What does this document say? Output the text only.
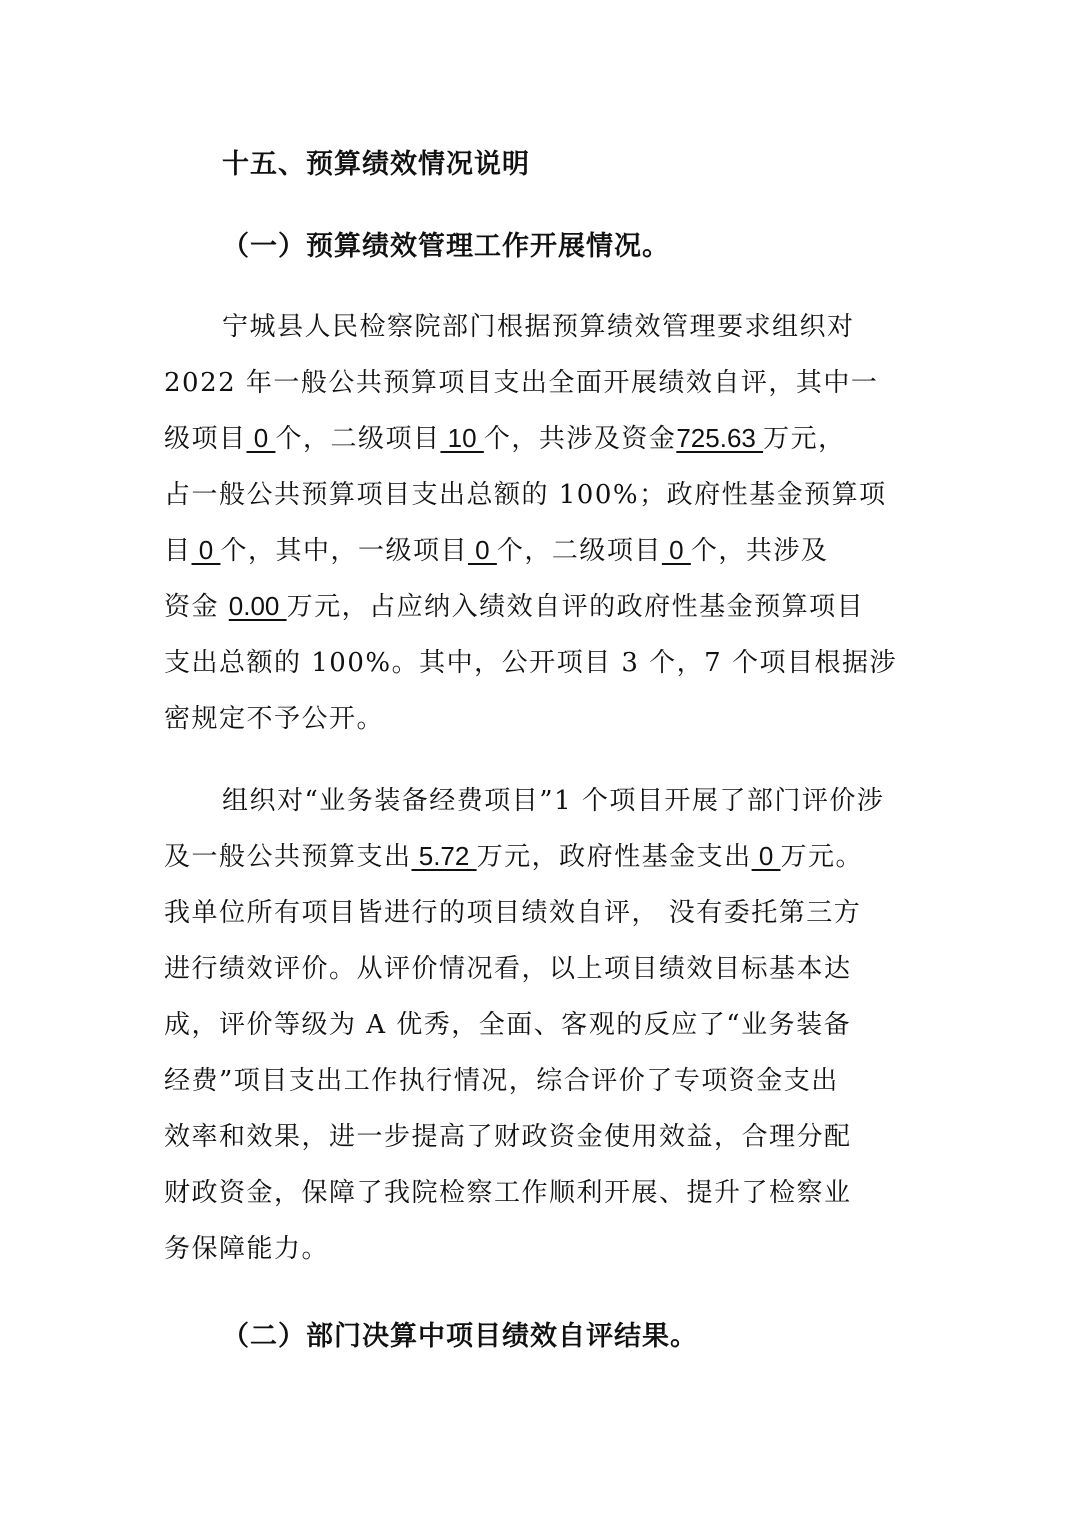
十五、预算绩效情况说明
（一）预算绩效管理工作开展情况。
宁城县人民检察院部门根据预算绩效管理要求组织对
2022 年一般公共预算项目支出全面开展绩效自评，其中一
级项目 0 个，二级项目 10 个，共涉及资金725.63 万元，
占一般公共预算项目支出总额的 100%；政府性基金预算项
目 0 个，其中，一级项目 0 个，二级项目 0 个，共涉及
资金 0.00 万元，占应纳入绩效自评的政府性基金预算项目
支出总额的 100%。其中，公开项目 3 个，7 个项目根据涉
密规定不予公开。
组织对“业务装备经费项目”1 个项目开展了部门评价涉
及一般公共预算支出 5.72 万元，政府性基金支出 0 万元。
我单位所有项目皆进行的项目绩效自评， 没有委托第三方
进行绩效评价。从评价情况看，以上项目绩效目标基本达
成，评价等级为 A 优秀，全面、客观的反应了“业务装备
经费”项目支出工作执行情况，综合评价了专项资金支出
效率和效果，进一步提高了财政资金使用效益，合理分配
财政资金，保障了我院检察工作顺利开展、提升了检察业
务保障能力。
（二）部门决算中项目绩效自评结果。
